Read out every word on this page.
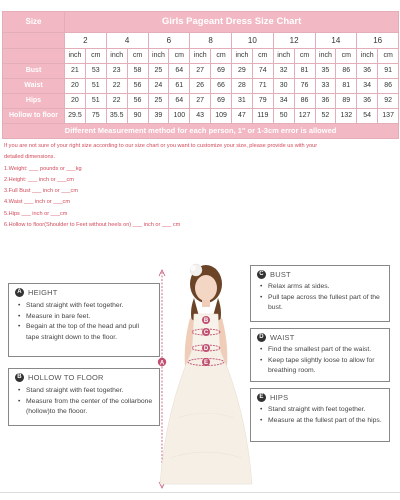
Size	Girls Pageant Dress Size Chart															
	2		4		6		8		10		12		14		16	
	inch	cm	inch	cm	inch	cm	inch	cm	inch	cm	inch	cm	inch	cm	inch	cm
Bust	21	53	23	58	25	64	27	69	29	74	32	81	35	86	36	91
Waist	20	51	22	56	24	61	26	66	28	71	30	76	33	81	34	86
Hips	20	51	22	56	25	64	27	69	31	79	34	86	36	89	36	92
Hollow to floor	29.5	75	35.5	90	39	100	43	109	47	119	50	127	52	132	54	137
Different Measurement method for each person, 1" or 1-3cm error is allowed																
If you are not sure of your right size according to our size chart or you want to customize your size, please provide us with your
detailed dimensions.
1.Weight: ___ pounds or ___kg
2.Height: ___ inch or ___cm
3.Full Bust ___ inch or ___cm
4.Waist ___ inch or ___cm
5.Hips ___ inch or ___cm
6.Hollow to floor(Shoulder to Feet without heels on) ___ inch or ___ cm
A
B
C
D
E
A HEIGHT
• Stand straight with feet together.
• Measure in bare feet.
• Begain at the top of the head and pull tape straight down to the floor.
B HOLLOW TO FLOOR
• Stand straight with feet together.
• Measure from the center of the collarbone (hollow)to the flooor.
C BUST
• Relax arms at sides.
• Pull tape across the fullest part of the bust.
D WAIST
• Find the smallest part of the waist.
• Keep tape slightly loose to allow for breathing room.
E HIPS
• Stand straight with feet together.
• Measure at the fullest part of the hips.
